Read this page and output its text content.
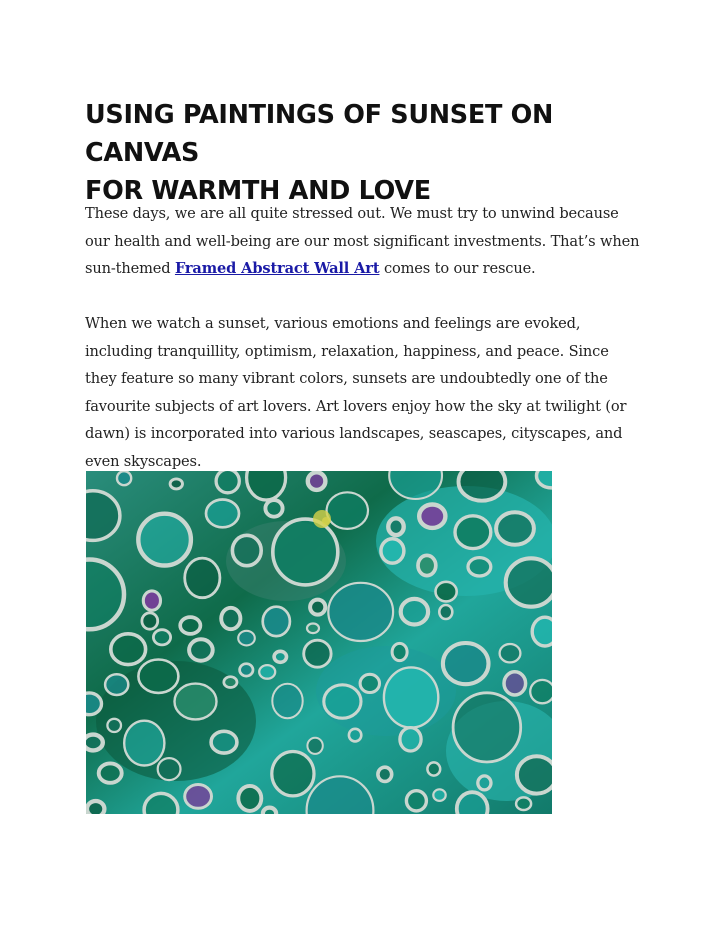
USING PAINTINGS OF SUNSET ON CANVAS
FOR WARMTH AND LOVE

These days, we are all quite stressed out. We must try to unwind because our health and well-being are our most significant investments. That’s when sun-themed Framed Abstract Wall Art comes to our rescue.

When we watch a sunset, various emotions and feelings are evoked, including tranquillity, optimism, relaxation, happiness, and peace. Since they feature so many vibrant colors, sunsets are undoubtedly one of the favourite subjects of art lovers. Art lovers enjoy how the sky at twilight (or dawn) is incorporated into various landscapes, seascapes, cityscapes, and even skyscapes.
